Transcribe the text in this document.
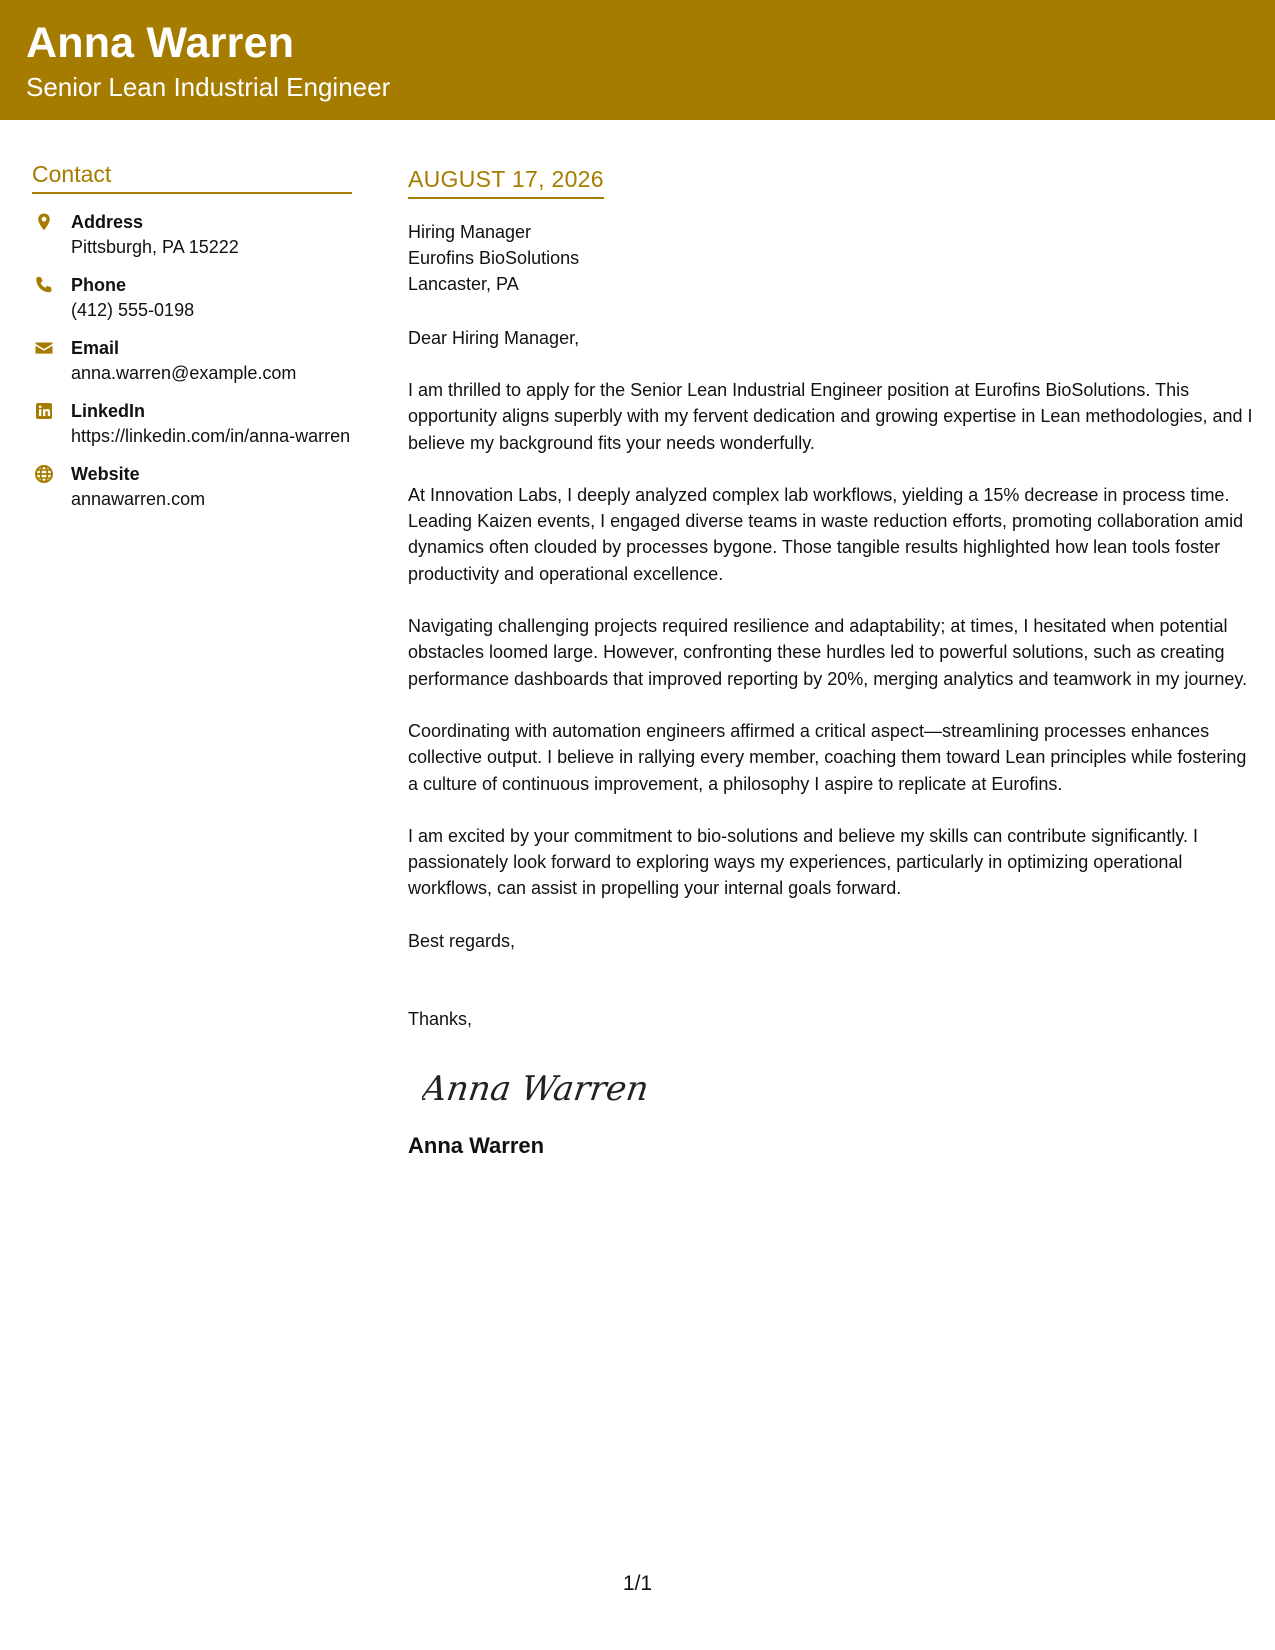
Anna Warren
Senior Lean Industrial Engineer
Contact
Address
Pittsburgh, PA 15222
Phone
(412) 555-0198
Email
anna.warren@example.com
LinkedIn
https://linkedin.com/in/anna-warren
Website
annawarren.com
AUGUST 17, 2026
Hiring Manager
Eurofins BioSolutions
Lancaster, PA
Dear Hiring Manager,
I am thrilled to apply for the Senior Lean Industrial Engineer position at Eurofins BioSolutions. This opportunity aligns superbly with my fervent dedication and growing expertise in Lean methodologies, and I believe my background fits your needs wonderfully.
At Innovation Labs, I deeply analyzed complex lab workflows, yielding a 15% decrease in process time. Leading Kaizen events, I engaged diverse teams in waste reduction efforts, promoting collaboration amid dynamics often clouded by processes bygone. Those tangible results highlighted how lean tools foster productivity and operational excellence.
Navigating challenging projects required resilience and adaptability; at times, I hesitated when potential obstacles loomed large. However, confronting these hurdles led to powerful solutions, such as creating performance dashboards that improved reporting by 20%, merging analytics and teamwork in my journey.
Coordinating with automation engineers affirmed a critical aspect—streamlining processes enhances collective output. I believe in rallying every member, coaching them toward Lean principles while fostering a culture of continuous improvement, a philosophy I aspire to replicate at Eurofins.
I am excited by your commitment to bio-solutions and believe my skills can contribute significantly. I passionately look forward to exploring ways my experiences, particularly in optimizing operational workflows, can assist in propelling your internal goals forward.
Best regards,
Thanks,
Anna Warren
Anna Warren
1/1
